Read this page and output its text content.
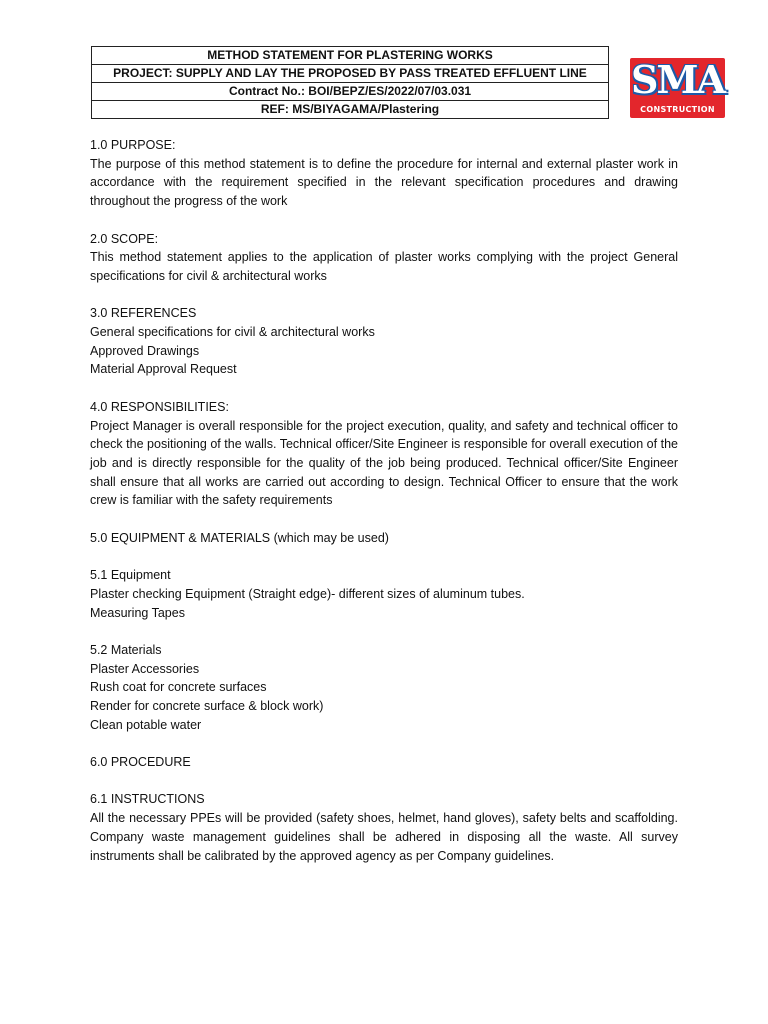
METHOD STATEMENT FOR PLASTERING WORKS
PROJECT: SUPPLY AND LAY THE PROPOSED BY PASS TREATED EFFLUENT LINE
Contract No.: BOI/BEPZ/ES/2022/07/03.031
REF: MS/BIYAGAMA/Plastering
SMA
CONSTRUCTION

1.0 PURPOSE:

The purpose of this method statement is to define the procedure for internal and external plaster work in accordance with the requirement specified in the relevant specification procedures and drawing throughout the progress of the work

2.0 SCOPE:

This method statement applies to the application of plaster works complying with the project General specifications for civil & architectural works

3.0 REFERENCES

General specifications for civil & architectural works

Approved Drawings

Material Approval Request

4.0 RESPONSIBILITIES:

Project Manager is overall responsible for the project execution, quality, and safety and technical officer to check the positioning of the walls. Technical officer/Site Engineer is responsible for overall execution of the job and is directly responsible for the quality of the job being produced. Technical officer/Site Engineer shall ensure that all works are carried out according to design. Technical Officer to ensure that the work crew is familiar with the safety requirements

5.0 EQUIPMENT & MATERIALS (which may be used)

5.1 Equipment

Plaster checking Equipment (Straight edge)- different sizes of aluminum tubes.

Measuring Tapes

5.2 Materials

Plaster Accessories

Rush coat for concrete surfaces

Render for concrete surface & block work)

Clean potable water

6.0 PROCEDURE

6.1 INSTRUCTIONS

All the necessary PPEs will be provided (safety shoes, helmet, hand gloves), safety belts and scaffolding. Company waste management guidelines shall be adhered in disposing all the waste. All survey instruments shall be calibrated by the approved agency as per Company guidelines.
